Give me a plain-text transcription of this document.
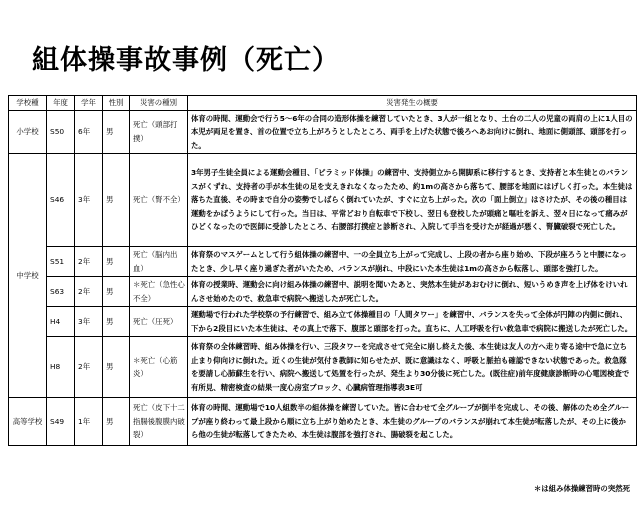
組体操事故事例（死亡）
学校種	年度	学年	性別	災害の種別	災害発生の概要
小学校	S50	6年	男	死亡（頭部打撲）	体育の時間、運動会で行う5～6年の合同の造形体操を練習していたとき、3人が一組となり、土台の二人の児童の両肩の上に1人目の本児が両足を置き、首の位置で立ち上がろうとしたところ、両手を上げた状態で後ろへあお向けに倒れ、地面に側頭部、頭部を打った。
中学校	S46	3年	男	死亡（腎不全）	3年男子生徒全員による運動会種目、「ピラミッド体操」の練習中、支持側立から開脚系に移行するとき、支持者と本生徒とのバランスがくずれ、支持者の手が本生徒の足を支えきれなくなったため、約1mの高さから落ちて、腰部を地面にはげしく打った。本生徒は落ちた直後、その時まで自分の姿勢でしばらく倒れていたが、すぐに立ち上がった。次の「面上倒立」はさけたが、その後の種目は運動をかばうようにして行った。当日は、平常どおり自転車で下校し、翌日も登校したが頭痛と嘔吐を訴え、翌々日になって痛みがひどくなったので医師に受診したところ、右腰部打撲症と診断され、入院して手当を受けたが経過が悪く、腎臓破裂で死亡した。
	S51	2年	男	死亡（脳内出血）	体育祭のマスゲームとして行う組体操の練習中、一の全員立ち上がって完成し、上段の者から座り始め、下段が座ろうと中腰になったとき、少し早く座り過ぎた者がいたため、バランスが崩れ、中段にいた本生徒は1mの高さから転落し、頭部を強打した。
	S63	2年	男	＊死亡（急性心不全）	体育の授業時、運動会に向け組み体操の練習中、説明を聞いたあと、突然本生徒があおむけに倒れ、短いうめき声を上げ体をけいれんさせ始めたので、救急車で病院へ搬送したが死亡した。
	H4	3年	男	死亡（圧死）	運動場で行われた学校祭の予行練習で、組み立て体操種目の「人間タワー」を練習中、バランスを失って全体が円陣の内側に倒れ、下から2段目にいた本生徒は、その真上で落下、腹部と頭部を打った。直ちに、人工呼吸を行い救急車で病院に搬送したが死亡した。
	H8	2年	男	＊死亡（心筋炎）	体育祭の全体練習時、組み体操を行い、三段タワーを完成させて完全に崩し終えた後、本生徒は友人の方へ走り寄る途中で急に立ち止まり仰向けに倒れた。近くの生徒が気付き教師に知らせたが、既に意識はなく、呼吸と脈拍も確認できない状態であった。救急隊を要請し心肺蘇生を行い、病院へ搬送して処置を行ったが、発生より30分後に死亡した。(既往症)前年度健康診断時の心電図検査で有所見、精密検査の結果一度心房室ブロック、心臓病管理指導表3E可
高等学校	S49	1年	男	死亡（皮下十二指腸後腹膜内破裂）	体育の時間、運動場で10人組数半の組体操を練習していた。皆に合わせて全グループが倒半を完成し、その後、解体のため全グループが座り終わって最上段から順に立ち上がり始めたとき、本生徒のグループのバランスが崩れて本生徒が転落したが、その上に後から他の生徒が転落してきたため、本生徒は腹部を強打され、腸破裂を起こした。
＊は組み体操練習時の突然死
